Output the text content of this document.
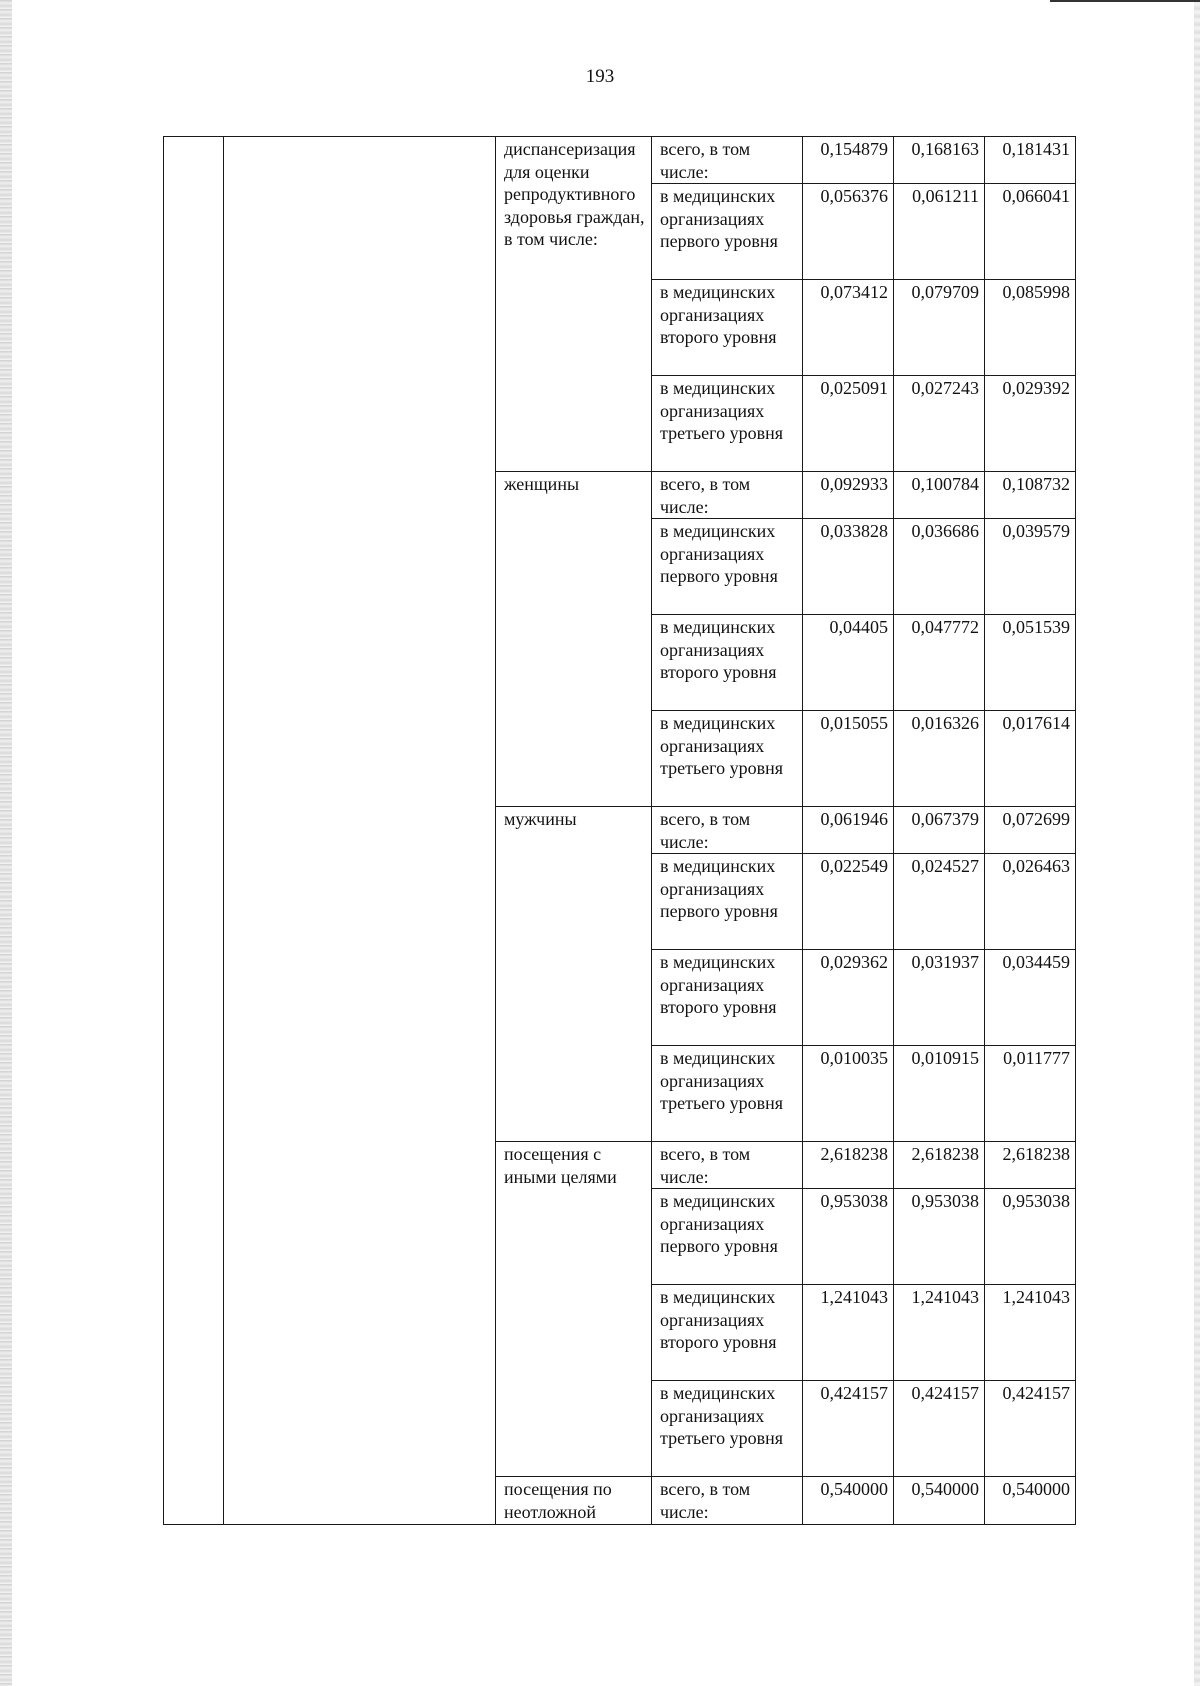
193
		диспансеризация для оценки репродуктивного здоровья граждан, в том числе:	всего, в том числе:	0,154879	0,168163	0,181431
			в медицинских организациях первого уровня	0,056376	0,061211	0,066041
			в медицинских организациях второго уровня	0,073412	0,079709	0,085998
			в медицинских организациях третьего уровня	0,025091	0,027243	0,029392
		женщины	всего, в том числе:	0,092933	0,100784	0,108732
			в медицинских организациях первого уровня	0,033828	0,036686	0,039579
			в медицинских организациях второго уровня	0,04405	0,047772	0,051539
			в медицинских организациях третьего уровня	0,015055	0,016326	0,017614
		мужчины	всего, в том числе:	0,061946	0,067379	0,072699
			в медицинских организациях первого уровня	0,022549	0,024527	0,026463
			в медицинских организациях второго уровня	0,029362	0,031937	0,034459
			в медицинских организациях третьего уровня	0,010035	0,010915	0,011777
		посещения с иными целями	всего, в том числе:	2,618238	2,618238	2,618238
			в медицинских организациях первого уровня	0,953038	0,953038	0,953038
			в медицинских организациях второго уровня	1,241043	1,241043	1,241043
			в медицинских организациях третьего уровня	0,424157	0,424157	0,424157
		посещения по неотложной	всего, в том числе:	0,540000	0,540000	0,540000
